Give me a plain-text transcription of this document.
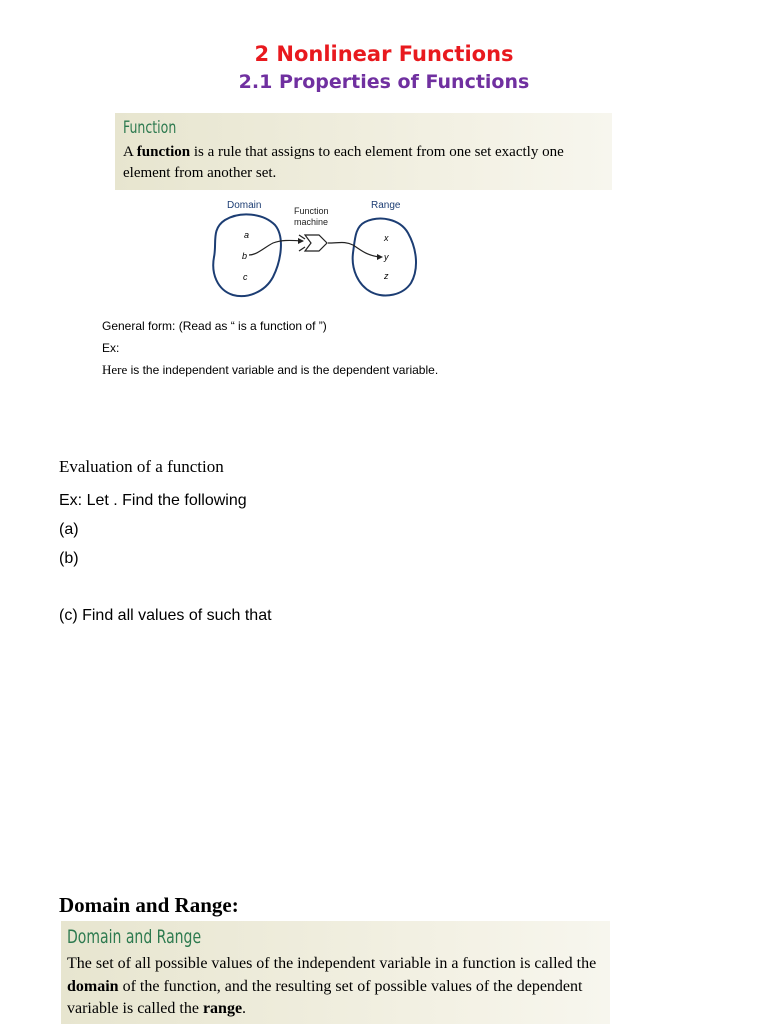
2 Nonlinear Functions
2.1 Properties of Functions
Function
A function is a rule that assigns to each element from one set exactly one element from another set.
Domain	Function
machine
Range
a
b
c
x
y
z
General form: (Read as “ is a function of ”)
Ex:
Here is the independent variable and is the dependent variable.
Evaluation of a function
Ex: Let . Find the following
(a)
(b)
(c) Find all values of such that
Domain and Range:
Domain and Range
The set of all possible values of the independent variable in a function is called the
domain of the function, and the resulting set of possible values of the dependent
variable is called the range.
